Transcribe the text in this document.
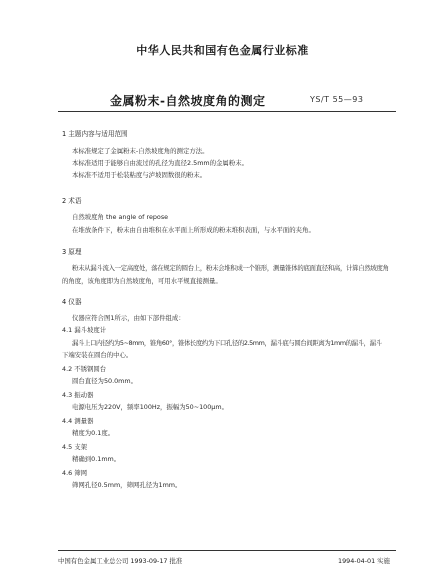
中华人民共和国有色金属行业标准
金属粉末-自然坡度角的测定	YS/T 55—93
1 主题内容与适用范围
本标准规定了金属粉末-自然坡度角的测定方法。
本标准适用于能够自由流过的孔径为直径2.5mm的金属粉末。
本标准不适用于松装粘度与泸坡固数很的粉末。
2 术语
自然坡度角 the angle of repose
在堆放条件下，粉末由自由堆积在水平面上所形成的粉末堆积表面，与水平面的夹角。
3 原理
粉末从漏斗流入一定高度处，落在规定的圆台上，粉末会堆积成一个锥形，测量锥体的底面直径和高，计算自然坡度角
的角度，该角度即为自然坡度角，可用水平规直接测量。
4 仪器
仪器应符合图1所示，由如下部件组成：
4.1 漏斗坡度计
漏斗上口内径约为5~8mm，锥角60°，锥体长度约为下口孔径的2.5mm，漏斗底与圆台间距离为1mm的漏斗，漏斗
下端安装在圆台的中心。
4.2 不锈钢圆台
圆台直径为50.0mm。
4.3 振动器
电源电压为220V，频率100Hz，振幅为50~100μm。
4.4 测量器
精度为0.1度。
4.5 支架
精确到0.1mm。
4.6 筛网
筛网孔径0.5mm，筛网孔径为1mm。
中国有色金属工业总公司 1993-09-17 批准	1994-04-01 实施
